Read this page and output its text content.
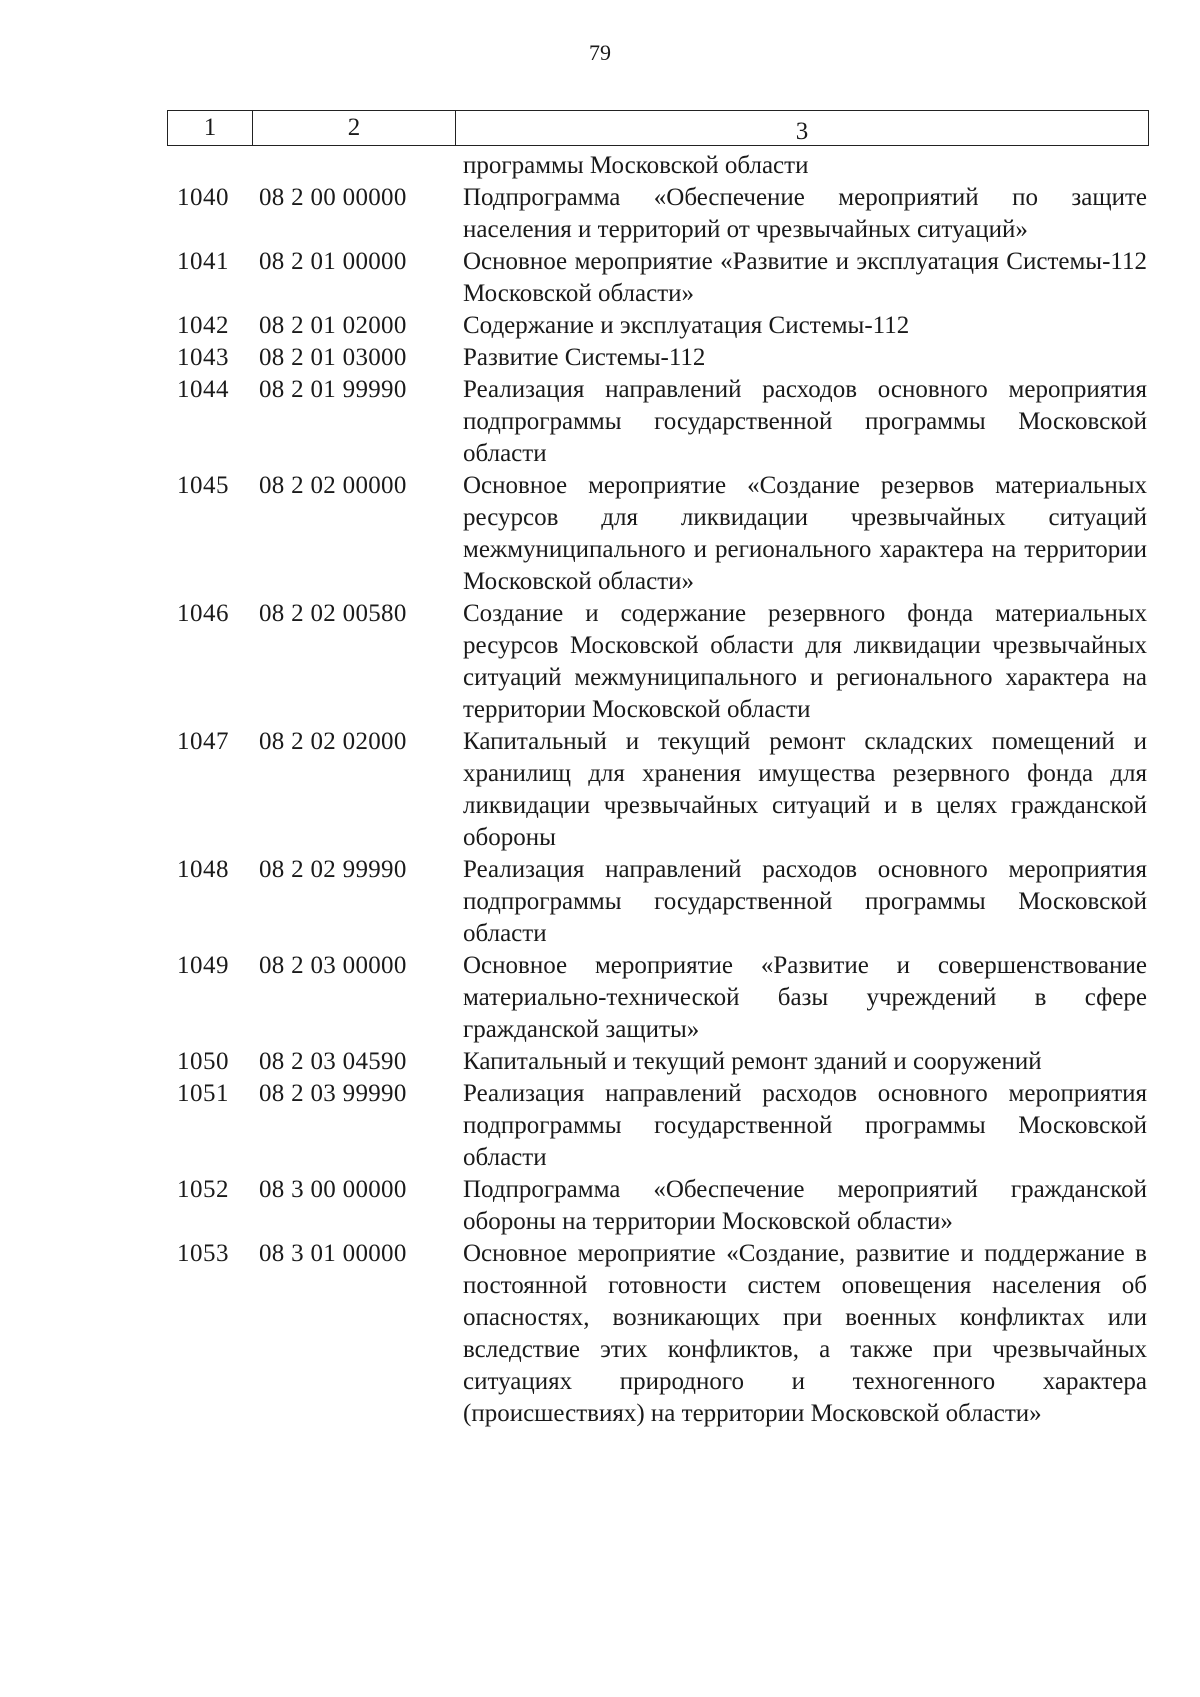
79
1	2	3
программы Московской области
1040	08 2 00 00000	Подпрограмма «Обеспечение мероприятий по защите населения и территорий от чрезвычайных ситуаций»
1041	08 2 01 00000	Основное мероприятие «Развитие и эксплуатация Системы-112 Московской области»
1042	08 2 01 02000	Содержание и эксплуатация Системы-112
1043	08 2 01 03000	Развитие Системы-112
1044	08 2 01 99990	Реализация направлений расходов основного мероприятия подпрограммы государственной программы Московской области
1045	08 2 02 00000	Основное мероприятие «Создание резервов материальных ресурсов для ликвидации чрезвычайных ситуаций межмуниципального и регионального характера на территории Московской области»
1046	08 2 02 00580	Создание и содержание резервного фонда материальных ресурсов Московской области для ликвидации чрезвычайных ситуаций межмуниципального и регионального характера на территории Московской области
1047	08 2 02 02000	Капитальный и текущий ремонт складских помещений и хранилищ для хранения имущества резервного фонда для ликвидации чрезвычайных ситуаций и в целях гражданской обороны
1048	08 2 02 99990	Реализация направлений расходов основного мероприятия подпрограммы государственной программы Московской области
1049	08 2 03 00000	Основное мероприятие «Развитие и совершенствование материально-технической базы учреждений в сфере гражданской защиты»
1050	08 2 03 04590	Капитальный и текущий ремонт зданий и сооружений
1051	08 2 03 99990	Реализация направлений расходов основного мероприятия подпрограммы государственной программы Московской области
1052	08 3 00 00000	Подпрограмма «Обеспечение мероприятий гражданской обороны на территории Московской области»
1053	08 3 01 00000	Основное мероприятие «Создание, развитие и поддержание в постоянной готовности систем оповещения населения об опасностях, возникающих при военных конфликтах или вследствие этих конфликтов, а также при чрезвычайных ситуациях природного и техногенного характера (происшествиях) на территории Московской области»
